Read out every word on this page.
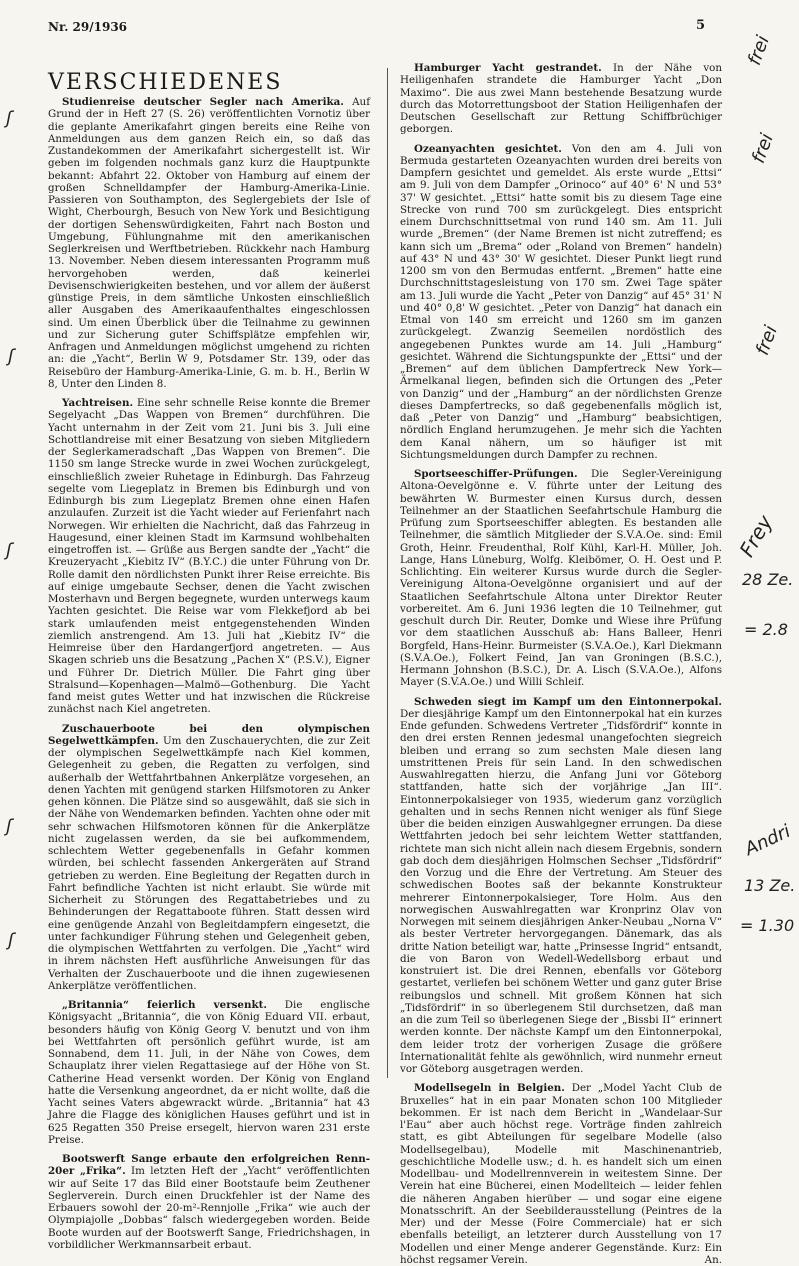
Nr. 29/1936	5
VERSCHIEDENES

Studienreise deutscher Segler nach Amerika. Auf Grund der in Heft 27 (S. 26) veröffentlichten Vornotiz über die geplante Amerikafahrt gingen bereits eine Reihe von Anmeldungen aus dem ganzen Reich ein, so daß das Zustandekommen der Amerikafahrt sichergestellt ist. Wir geben im folgenden nochmals ganz kurz die Hauptpunkte bekannt: Abfahrt 22. Oktober von Hamburg auf einem der großen Schnelldampfer der Hamburg-Amerika-Linie. Passieren von Southampton, des Seglergebiets der Isle of Wight, Cherbourgh, Besuch von New York und Besichtigung der dortigen Sehenswürdigkeiten, Fahrt nach Boston und Umgebung, Fühlungnahme mit den amerikanischen Seglerkreisen und Werftbetrieben. Rückkehr nach Hamburg 13. November. Neben diesem interessanten Programm muß hervorgehoben werden, daß keinerlei Devisenschwierigkeiten bestehen, und vor allem der äußerst günstige Preis, in dem sämtliche Unkosten einschließlich aller Ausgaben des Amerikaaufenthaltes eingeschlossen sind. Um einen Überblick über die Teilnahme zu gewinnen und zur Sicherung guter Schiffsplätze empfehlen wir, Anfragen und Anmeldungen möglichst umgehend zu richten an: die „Yacht“, Berlin W 9, Potsdamer Str. 139, oder das Reisebüro der Hamburg-Amerika-Linie, G. m. b. H., Berlin W 8, Unter den Linden 8.

Yachtreisen. Eine sehr schnelle Reise konnte die Bremer Segelyacht „Das Wappen von Bremen“ durchführen. Die Yacht unternahm in der Zeit vom 21. Juni bis 3. Juli eine Schottlandreise mit einer Besatzung von sieben Mitgliedern der Seglerkameradschaft „Das Wappen von Bremen“. Die 1150 sm lange Strecke wurde in zwei Wochen zurückgelegt, einschließlich zweier Ruhetage in Edinburgh. Das Fahrzeug segelte vom Liegeplatz in Bremen bis Edinburgh und von Edinburgh bis zum Liegeplatz Bremen ohne einen Hafen anzulaufen. Zurzeit ist die Yacht wieder auf Ferienfahrt nach Norwegen. Wir erhielten die Nachricht, daß das Fahrzeug in Haugesund, einer kleinen Stadt im Karmsund wohlbehalten eingetroffen ist. — Grüße aus Bergen sandte der „Yacht“ die Kreuzeryacht „Kiebitz IV“ (B.Y.C.) die unter Führung von Dr. Rolle damit den nördlichsten Punkt ihrer Reise erreichte. Bis auf einige umgebaute Sechser, denen die Yacht zwischen Mosterhavn und Bergen begegnete, wurden unterwegs kaum Yachten gesichtet. Die Reise war vom Flekkefjord ab bei stark umlaufenden meist entgegenstehenden Winden ziemlich anstrengend. Am 13. Juli hat „Kiebitz IV“ die Heimreise über den Hardangerfjord angetreten. — Aus Skagen schrieb uns die Besatzung „Pachen X“ (P.S.V.), Eigner und Führer Dr. Dietrich Müller. Die Fahrt ging über Stralsund—Kopenhagen—Malmö—Gothenburg. Die Yacht fand meist gutes Wetter und hat inzwischen die Rückreise zunächst nach Kiel angetreten.

Zuschauerboote bei den olympischen Segelwettkämpfen. Um den Zuschauerychten, die zur Zeit der olympischen Segelwettkämpfe nach Kiel kommen, Gelegenheit zu geben, die Regatten zu verfolgen, sind außerhalb der Wettfahrtbahnen Ankerplätze vorgesehen, an denen Yachten mit genügend starken Hilfsmotoren zu Anker gehen können. Die Plätze sind so ausgewählt, daß sie sich in der Nähe von Wendemarken befinden. Yachten ohne oder mit sehr schwachen Hilfsmotoren können für die Ankerplätze nicht zugelassen werden, da sie bei aufkommendem, schlechtem Wetter gegebenenfalls in Gefahr kommen würden, bei schlecht fassenden Ankergeräten auf Strand getrieben zu werden. Eine Begleitung der Regatten durch in Fahrt befindliche Yachten ist nicht erlaubt. Sie würde mit Sicherheit zu Störungen des Regattabetriebes und zu Behinderungen der Regattaboote führen. Statt dessen wird eine genügende Anzahl von Begleitdampfern eingesetzt, die unter fachkundiger Führung stehen und Gelegenheit geben, die olympischen Wettfahrten zu verfolgen. Die „Yacht“ wird in ihrem nächsten Heft ausführliche Anweisungen für das Verhalten der Zuschauerboote und die ihnen zugewiesenen Ankerplätze veröffentlichen.

„Britannia“ feierlich versenkt. Die englische Königsyacht „Britannia“, die von König Eduard VII. erbaut, besonders häufig von König Georg V. benutzt und von ihm bei Wettfahrten oft persönlich geführt wurde, ist am Sonnabend, dem 11. Juli, in der Nähe von Cowes, dem Schauplatz ihrer vielen Regattasiege auf der Höhe von St. Catherine Head versenkt worden. Der König von England hatte die Versenkung angeordnet, da er nicht wollte, daß die Yacht seines Vaters abgewrackt würde. „Britannia“ hat 43 Jahre die Flagge des königlichen Hauses geführt und ist in 625 Regatten 350 Preise ersegelt, hiervon waren 231 erste Preise.

Bootswerft Sange erbaute den erfolgreichen Renn-20er „Frika“. Im letzten Heft der „Yacht“ veröffentlichten wir auf Seite 17 das Bild einer Bootstaufe beim Zeuthener Seglerverein. Durch einen Druckfehler ist der Name des Erbauers sowohl der 20-m²-Rennjolle „Frika“ wie auch der Olympiajolle „Dobbas“ falsch wiedergegeben worden. Beide Boote wurden auf der Bootswerft Sange, Friedrichshagen, in vorbildlicher Werkmannsarbeit erbaut.

Hamburger Yacht gestrandet. In der Nähe von Heiligenhafen strandete die Hamburger Yacht „Don Maximo“. Die aus zwei Mann bestehende Besatzung wurde durch das Motorrettungsboot der Station Heiligenhafen der Deutschen Gesellschaft zur Rettung Schiffbrüchiger geborgen.

Ozeanyachten gesichtet. Von den am 4. Juli von Bermuda gestarteten Ozeanyachten wurden drei bereits von Dampfern gesichtet und gemeldet. Als erste wurde „Ettsi“ am 9. Juli von dem Dampfer „Orinoco“ auf 40° 6' N und 53° 37' W gesichtet. „Ettsi“ hatte somit bis zu diesem Tage eine Strecke von rund 700 sm zurückgelegt. Dies entspricht einem Durchschnittsetmal von rund 140 sm. Am 11. Juli wurde „Bremen“ (der Name Bremen ist nicht zutreffend; es kann sich um „Brema“ oder „Roland von Bremen“ handeln) auf 43° N und 43° 30' W gesichtet. Dieser Punkt liegt rund 1200 sm von den Bermudas entfernt. „Bremen“ hatte eine Durchschnittstagesleistung von 170 sm. Zwei Tage später am 13. Juli wurde die Yacht „Peter von Danzig“ auf 45° 31' N und 40° 0,8' W gesichtet. „Peter von Danzig“ hat danach ein Etmal von 140 sm erreicht und 1260 sm im ganzen zurückgelegt. Zwanzig Seemeilen nordöstlich des angegebenen Punktes wurde am 14. Juli „Hamburg“ gesichtet. Während die Sichtungspunkte der „Ettsi“ und der „Bremen“ auf dem üblichen Dampfertreck New York—Ärmelkanal liegen, befinden sich die Ortungen des „Peter von Danzig“ und der „Hamburg“ an der nördlichsten Grenze dieses Dampfertrecks, so daß gegebenenfalls möglich ist, daß „Peter von Danzig“ und „Hamburg“ beabsichtigen, nördlich England herumzugehen. Je mehr sich die Yachten dem Kanal nähern, um so häufiger ist mit Sichtungsmeldungen durch Dampfer zu rechnen.

Sportseeschiffer-Prüfungen. Die Segler-Vereinigung Altona-Oevelgönne e. V. führte unter der Leitung des bewährten W. Burmester einen Kursus durch, dessen Teilnehmer an der Staatlichen Seefahrtschule Hamburg die Prüfung zum Sportseeschiffer ablegten. Es bestanden alle Teilnehmer, die sämtlich Mitglieder der S.V.A.Oe. sind: Emil Groth, Heinr. Freudenthal, Rolf Kühl, Karl-H. Müller, Joh. Lange, Hans Lüneburg, Wolfg. Kleibömer, O. H. Oest und P. Schlichting. Ein weiterer Kursus wurde durch die Segler-Vereinigung Altona-Oevelgönne organisiert und auf der Staatlichen Seefahrtschule Altona unter Direktor Reuter vorbereitet. Am 6. Juni 1936 legten die 10 Teilnehmer, gut geschult durch Dir. Reuter, Domke und Wiese ihre Prüfung vor dem staatlichen Ausschuß ab: Hans Balleer, Henri Borgfeld, Hans-Heinr. Burmeister (S.V.A.Oe.), Karl Diekmann (S.V.A.Oe.), Folkert Feind, Jan van Groningen (B.S.C.), Hermann Johnshon (B.S.C.), Dr. A. Lisch (S.V.A.Oe.), Alfons Mayer (S.V.A.Oe.) und Willi Schleif.

Schweden siegt im Kampf um den Eintonnerpokal. Der diesjährige Kampf um den Eintonnerpokal hat ein kurzes Ende gefunden. Schwedens Vertreter „Tidsfördrif“ konnte in den drei ersten Rennen jedesmal unangefochten siegreich bleiben und errang so zum sechsten Male diesen lang umstrittenen Preis für sein Land. In den schwedischen Auswahlregatten hierzu, die Anfang Juni vor Göteborg stattfanden, hatte sich der vorjährige „Jan III“. Eintonnerpokalsieger von 1935, wiederum ganz vorzüglich gehalten und in sechs Rennen nicht weniger als fünf Siege über die beiden einzigen Auswahlgegner errungen. Da diese Wettfahrten jedoch bei sehr leichtem Wetter stattfanden, richtete man sich nicht allein nach diesem Ergebnis, sondern gab doch dem diesjährigen Holmschen Sechser „Tidsfördrif“ den Vorzug und die Ehre der Vertretung. Am Steuer des schwedischen Bootes saß der bekannte Konstrukteur mehrerer Eintonnerpokalsieger, Tore Holm. Aus den norwegischen Auswahlregatten war Kronprinz Olav von Norwegen mit seinem diesjährigen Anker-Neubau „Norna V“ als bester Vertreter hervorgegangen. Dänemark, das als dritte Nation beteiligt war, hatte „Prinsesse Ingrid“ entsandt, die von Baron von Wedell-Wedellsborg erbaut und konstruiert ist. Die drei Rennen, ebenfalls vor Göteborg gestartet, verliefen bei schönem Wetter und ganz guter Brise reibungslos und schnell. Mit großem Können hat sich „Tidsfördrif“ in so überlegenem Stil durchsetzen, daß man an die zum Teil so überlegenen Siege der „Bissbi II“ erinnert werden konnte. Der nächste Kampf um den Eintonnerpokal, dem leider trotz der vorherigen Zusage die größere Internationalität fehlte als gewöhnlich, wird nunmehr erneut vor Göteborg ausgetragen werden.

Modellsegeln in Belgien. Der „Model Yacht Club de Bruxelles“ hat in ein paar Monaten schon 100 Mitglieder bekommen. Er ist nach dem Bericht in „Wandelaar-Sur l'Eau“ aber auch höchst rege. Vorträge finden zahlreich statt, es gibt Abteilungen für segelbare Modelle (also Modellsegelbau), Modelle mit Maschinenantrieb, geschichtliche Modelle usw.; d. h. es handelt sich um einen Modellbau- und Modellrennverein in weitestem Sinne. Der Verein hat eine Bücherei, einen Modellteich — leider fehlen die näheren Angaben hierüber — und sogar eine eigene Monatsschrift. An der Seebilderausstellung (Peintres de la Mer) und der Messe (Foire Commerciale) hat er sich ebenfalls beteiligt, an letzterer durch Ausstellung von 17 Modellen und einer Menge anderer Gegenstände. Kurz: Ein höchst regsamer Verein.	An.

ʃ
ʃ
ʃ
ʃ
ʃ
frei
frei
frei
Frey
28 Ze.
= 2.8
Andri
13 Ze.
= 1.30
